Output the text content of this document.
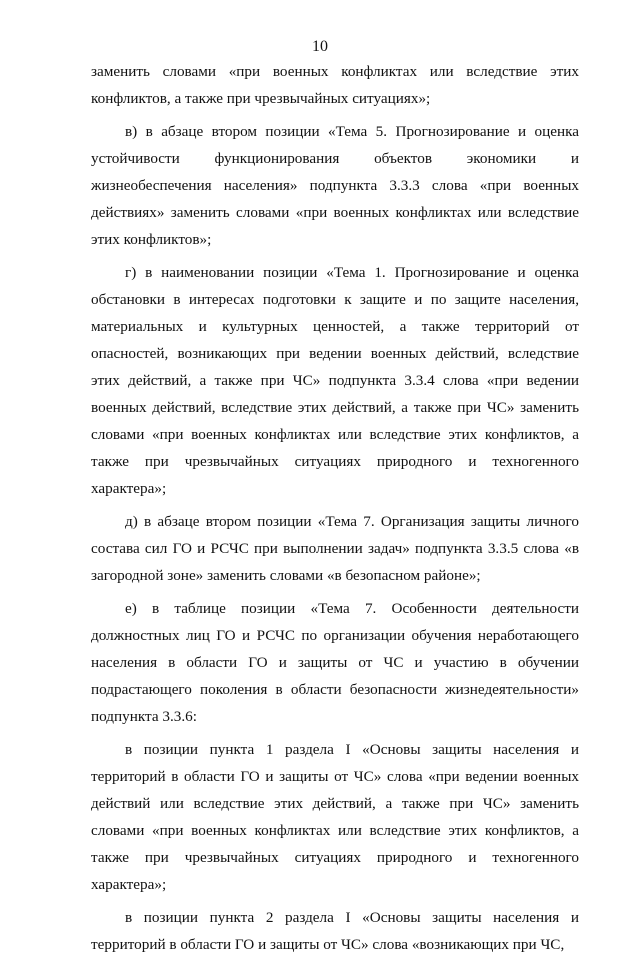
10

заменить словами «при военных конфликтах или вследствие этих конфликтов, а также при чрезвычайных ситуациях»;

в) в абзаце втором позиции «Тема 5. Прогнозирование и оценка устойчивости функционирования объектов экономики и жизнеобеспечения населения» подпункта 3.3.3 слова «при военных действиях» заменить словами «при военных конфликтах или вследствие этих конфликтов»;

г) в наименовании позиции «Тема 1. Прогнозирование и оценка обстановки в интересах подготовки к защите и по защите населения, материальных и культурных ценностей, а также территорий от опасностей, возникающих при ведении военных действий, вследствие этих действий, а также при ЧС» подпункта 3.3.4 слова «при ведении военных действий, вследствие этих действий, а также при ЧС» заменить словами «при военных конфликтах или вследствие этих конфликтов, а также при чрезвычайных ситуациях природного и техногенного характера»;

д) в абзаце втором позиции «Тема 7. Организация защиты личного состава сил ГО и РСЧС при выполнении задач» подпункта 3.3.5 слова «в загородной зоне» заменить словами «в безопасном районе»;

е) в таблице позиции «Тема 7. Особенности деятельности должностных лиц ГО и РСЧС по организации обучения неработающего населения в области ГО и защиты от ЧС и участию в обучении подрастающего поколения в области безопасности жизнедеятельности» подпункта 3.3.6:

в позиции пункта 1 раздела I «Основы защиты населения и территорий в области ГО и защиты от ЧС» слова «при ведении военных действий или вследствие этих действий, а также при ЧС» заменить словами «при военных конфликтах или вследствие этих конфликтов, а также при чрезвычайных ситуациях природного и техногенного характера»;

в позиции пункта 2 раздела I «Основы защиты населения и территорий в области ГО и защиты от ЧС» слова «возникающих при ЧС,
